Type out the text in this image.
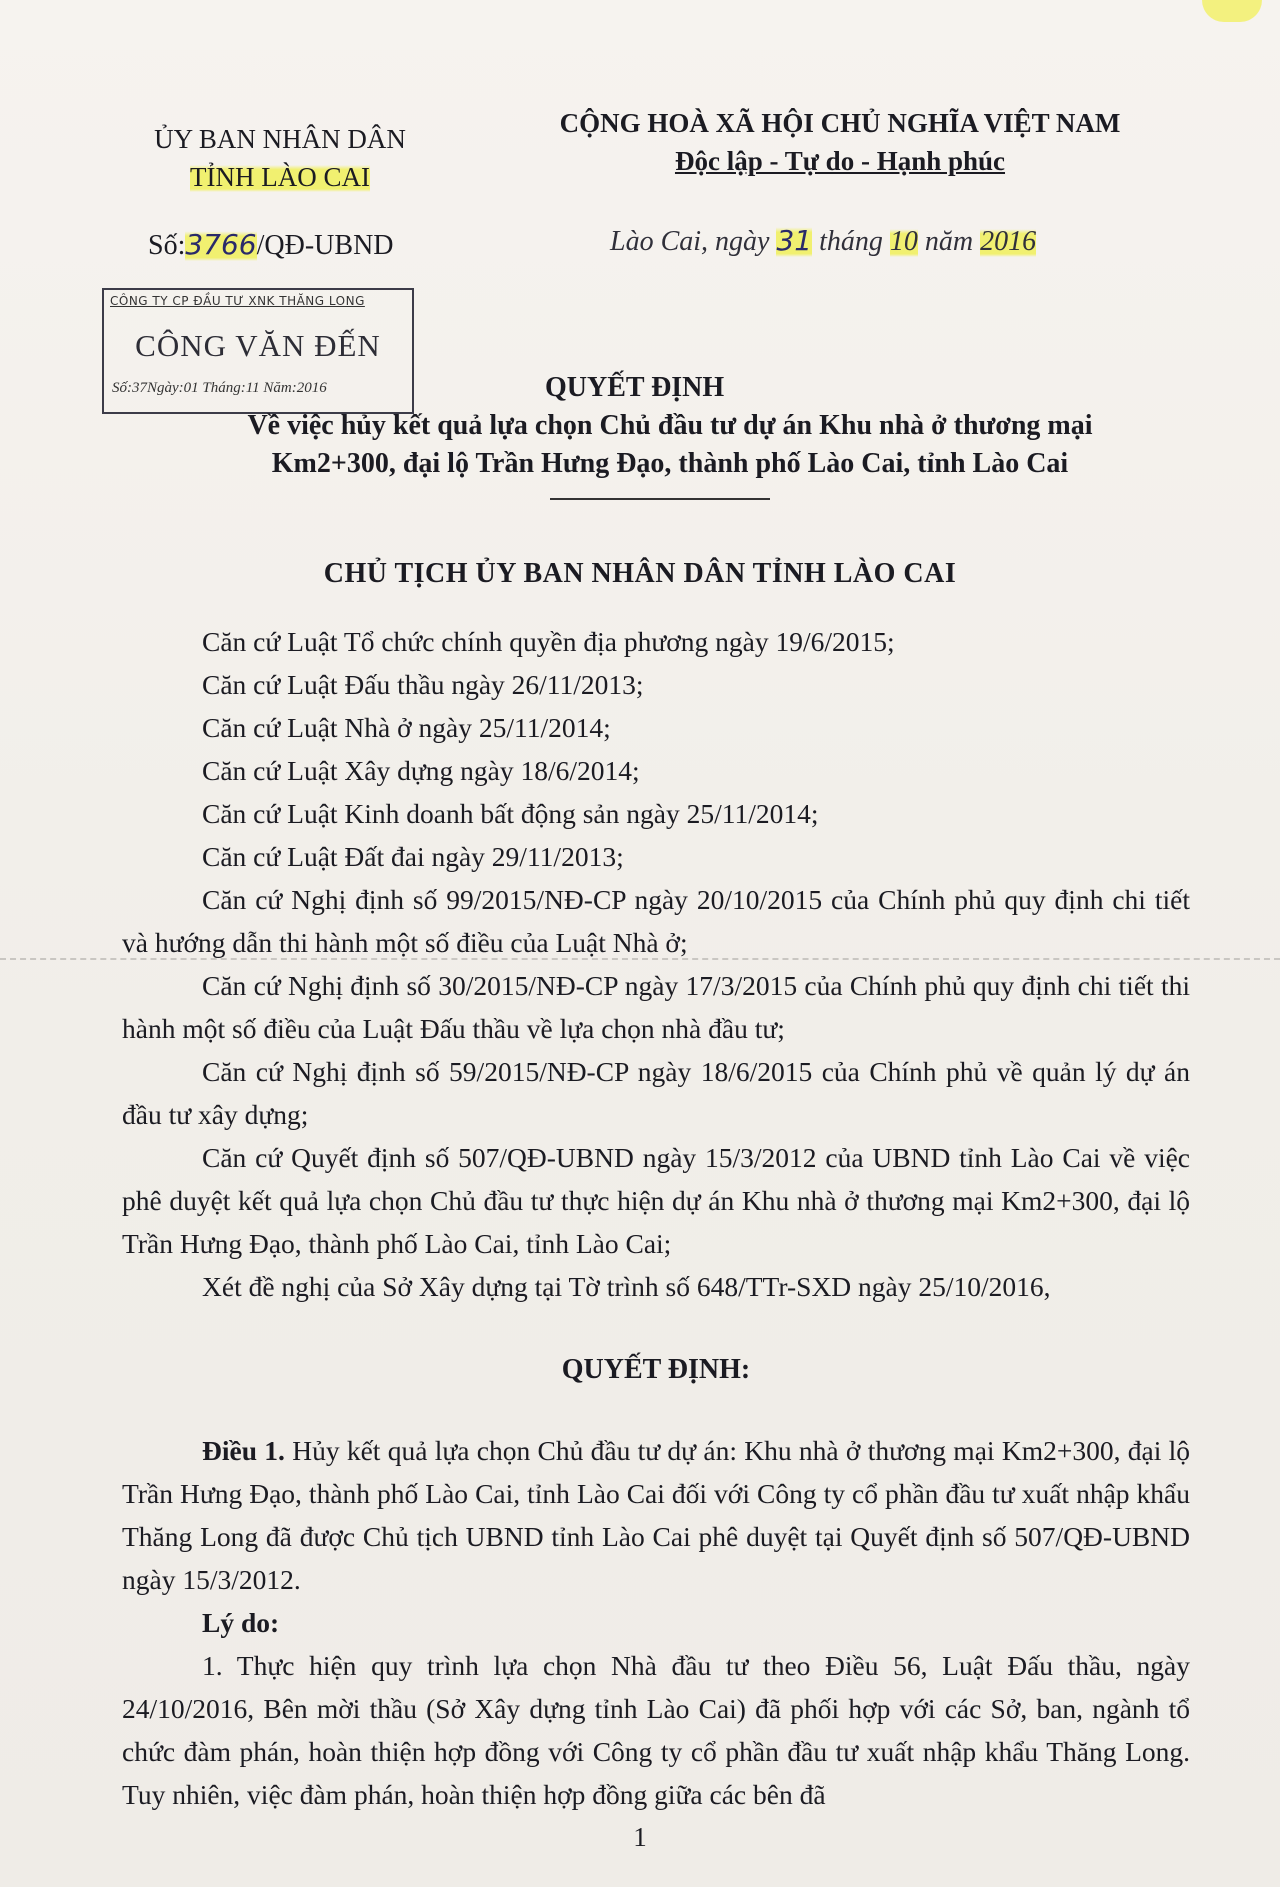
ỦY BAN NHÂN DÂN
TỈNH LÀO CAI
CỘNG HOÀ XÃ HỘI CHỦ NGHĨA VIỆT NAM
Độc lập - Tự do - Hạnh phúc
Số:3766/QĐ-UBND	Lào Cai, ngày 31 tháng 10 năm 2016
CÔNG TY CP ĐẦU TƯ XNK THĂNG LONG
CÔNG VĂN ĐẾN
Số:37Ngày:01 Tháng:11 Năm:2016	QUYẾT ĐỊNH
Về việc hủy kết quả lựa chọn Chủ đầu tư dự án Khu nhà ở thương mại
Km2+300, đại lộ Trần Hưng Đạo, thành phố Lào Cai, tỉnh Lào Cai
CHỦ TỊCH ỦY BAN NHÂN DÂN TỈNH LÀO CAI

Căn cứ Luật Tổ chức chính quyền địa phương ngày 19/6/2015;

Căn cứ Luật Đấu thầu ngày 26/11/2013;

Căn cứ Luật Nhà ở ngày 25/11/2014;

Căn cứ Luật Xây dựng ngày 18/6/2014;

Căn cứ Luật Kinh doanh bất động sản ngày 25/11/2014;

Căn cứ Luật Đất đai ngày 29/11/2013;

Căn cứ Nghị định số 99/2015/NĐ-CP ngày 20/10/2015 của Chính phủ quy định chi tiết và hướng dẫn thi hành một số điều của Luật Nhà ở;

Căn cứ Nghị định số 30/2015/NĐ-CP ngày 17/3/2015 của Chính phủ quy định chi tiết thi hành một số điều của Luật Đấu thầu về lựa chọn nhà đầu tư;

Căn cứ Nghị định số 59/2015/NĐ-CP ngày 18/6/2015 của Chính phủ về quản lý dự án đầu tư xây dựng;

Căn cứ Quyết định số 507/QĐ-UBND ngày 15/3/2012 của UBND tỉnh Lào Cai về việc phê duyệt kết quả lựa chọn Chủ đầu tư thực hiện dự án Khu nhà ở thương mại Km2+300, đại lộ Trần Hưng Đạo, thành phố Lào Cai, tỉnh Lào Cai;

Xét đề nghị của Sở Xây dựng tại Tờ trình số 648/TTr-SXD ngày 25/10/2016,

QUYẾT ĐỊNH:

Điều 1. Hủy kết quả lựa chọn Chủ đầu tư dự án: Khu nhà ở thương mại Km2+300, đại lộ Trần Hưng Đạo, thành phố Lào Cai, tỉnh Lào Cai đối với Công ty cổ phần đầu tư xuất nhập khẩu Thăng Long đã được Chủ tịch UBND tỉnh Lào Cai phê duyệt tại Quyết định số 507/QĐ-UBND ngày 15/3/2012.

Lý do:

1. Thực hiện quy trình lựa chọn Nhà đầu tư theo Điều 56, Luật Đấu thầu, ngày 24/10/2016, Bên mời thầu (Sở Xây dựng tỉnh Lào Cai) đã phối hợp với các Sở, ban, ngành tổ chức đàm phán, hoàn thiện hợp đồng với Công ty cổ phần đầu tư xuất nhập khẩu Thăng Long. Tuy nhiên, việc đàm phán, hoàn thiện hợp đồng giữa các bên đã

1
